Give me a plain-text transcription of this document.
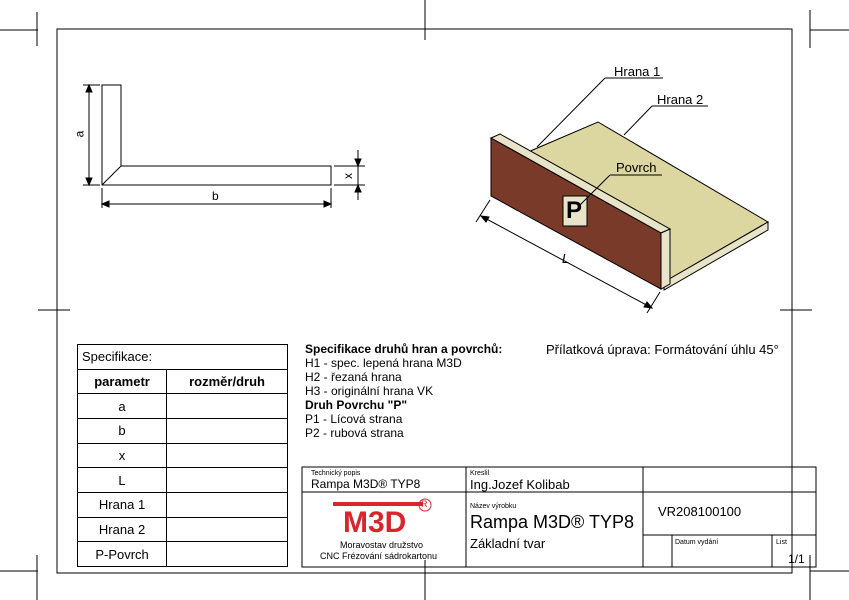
a
b
x
Hrana 1
Hrana 2
Povrch
P
L
Specifikace:	
parametr	rozměr/druh
a	
b	
x	
L	
Hrana 1	
Hrana 2	
P-Povrch	
Specifikace druhů hran a povrchů:
H1 - spec. lepená hrana M3D
H2 - řezaná hrana
H3 - originální hrana VK
Druh Povrchu "P"
P1 - Lícová strana
P2 - rubová strana
Přílatková úprava: Formátování úhlu 45°
Technický popis
Rampa M3D® TYP8
Kreslil
Ing.Jozef Kolibab
Název výrobku
Rampa M3D® TYP8
Základní tvar
VR208100100
Datum vydání	List
1/1
M3D
R
Moravostav družstvo
CNC Frézování sádrokartonu
